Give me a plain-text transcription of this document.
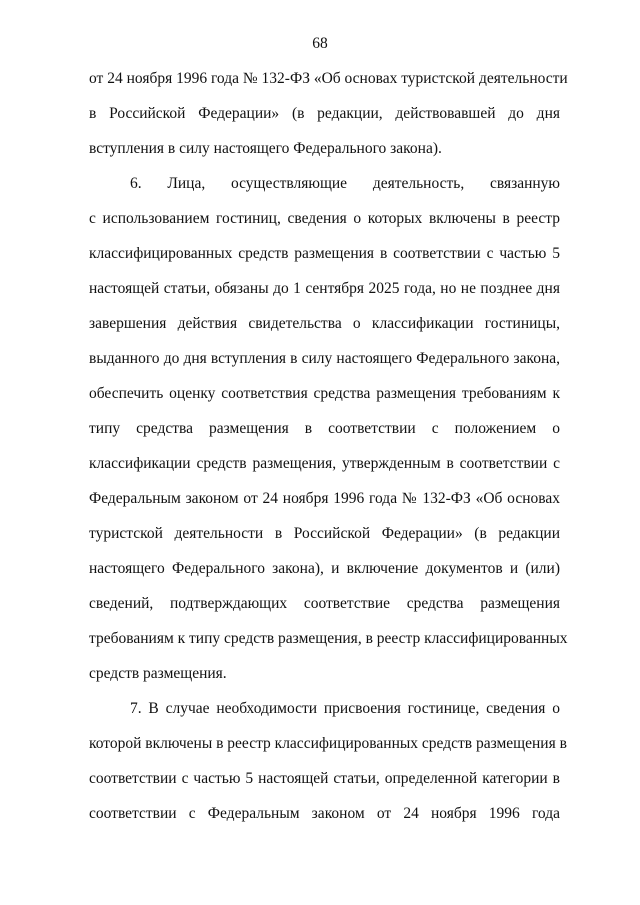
68
от 24 ноября 1996 года № 132-ФЗ «Об основах туристской деятельности
в Российской Федерации» (в редакции, действовавшей до дня
вступления в силу настоящего Федерального закона).
6. Лица, осуществляющие деятельность, связанную
с использованием гостиниц, сведения о которых включены в реестр
классифицированных средств размещения в соответствии с частью 5
настоящей статьи, обязаны до 1 сентября 2025 года, но не позднее дня
завершения действия свидетельства о классификации гостиницы,
выданного до дня вступления в силу настоящего Федерального закона,
обеспечить оценку соответствия средства размещения требованиям к
типу средства размещения в соответствии с положением о
классификации средств размещения, утвержденным в соответствии с
Федеральным законом от 24 ноября 1996 года № 132-ФЗ «Об основах
туристской деятельности в Российской Федерации» (в редакции
настоящего Федерального закона), и включение документов и (или)
сведений, подтверждающих соответствие средства размещения
требованиям к типу средств размещения, в реестр классифицированных
средств размещения.
7. В случае необходимости присвоения гостинице, сведения о
которой включены в реестр классифицированных средств размещения в
соответствии с частью 5 настоящей статьи, определенной категории в
соответствии с Федеральным законом от 24 ноября 1996 года
